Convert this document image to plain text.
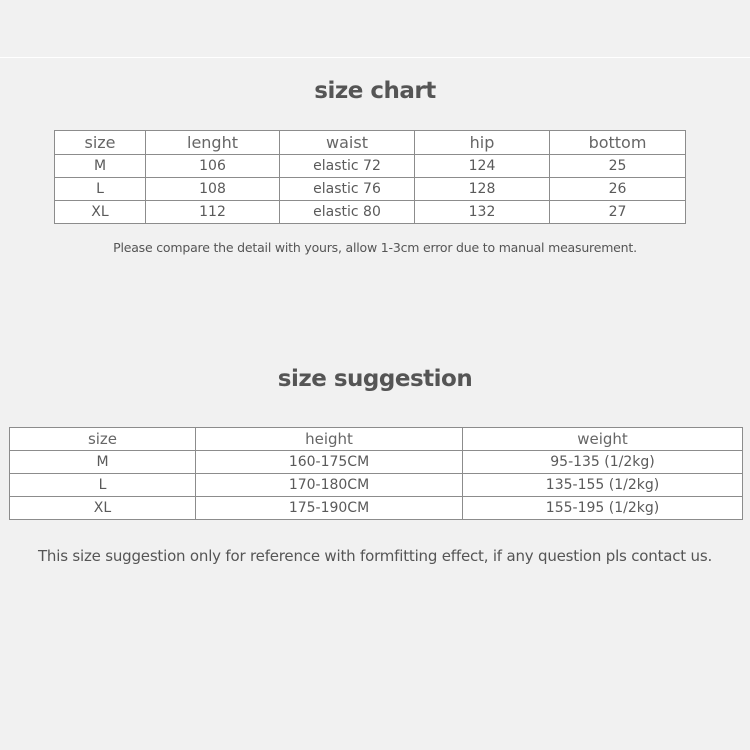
size chart
size	lenght	waist	hip	bottom
M	106	elastic 72	124	25
L	108	elastic 76	128	26
XL	112	elastic 80	132	27

Please compare the detail with yours, allow 1-3cm error due to manual measurement.

size suggestion
size	height	weight
M	160-175CM	95-135 (1/2kg)
L	170-180CM	135-155 (1/2kg)
XL	175-190CM	155-195 (1/2kg)

This size suggestion only for reference with formfitting effect, if any question pls contact us.
